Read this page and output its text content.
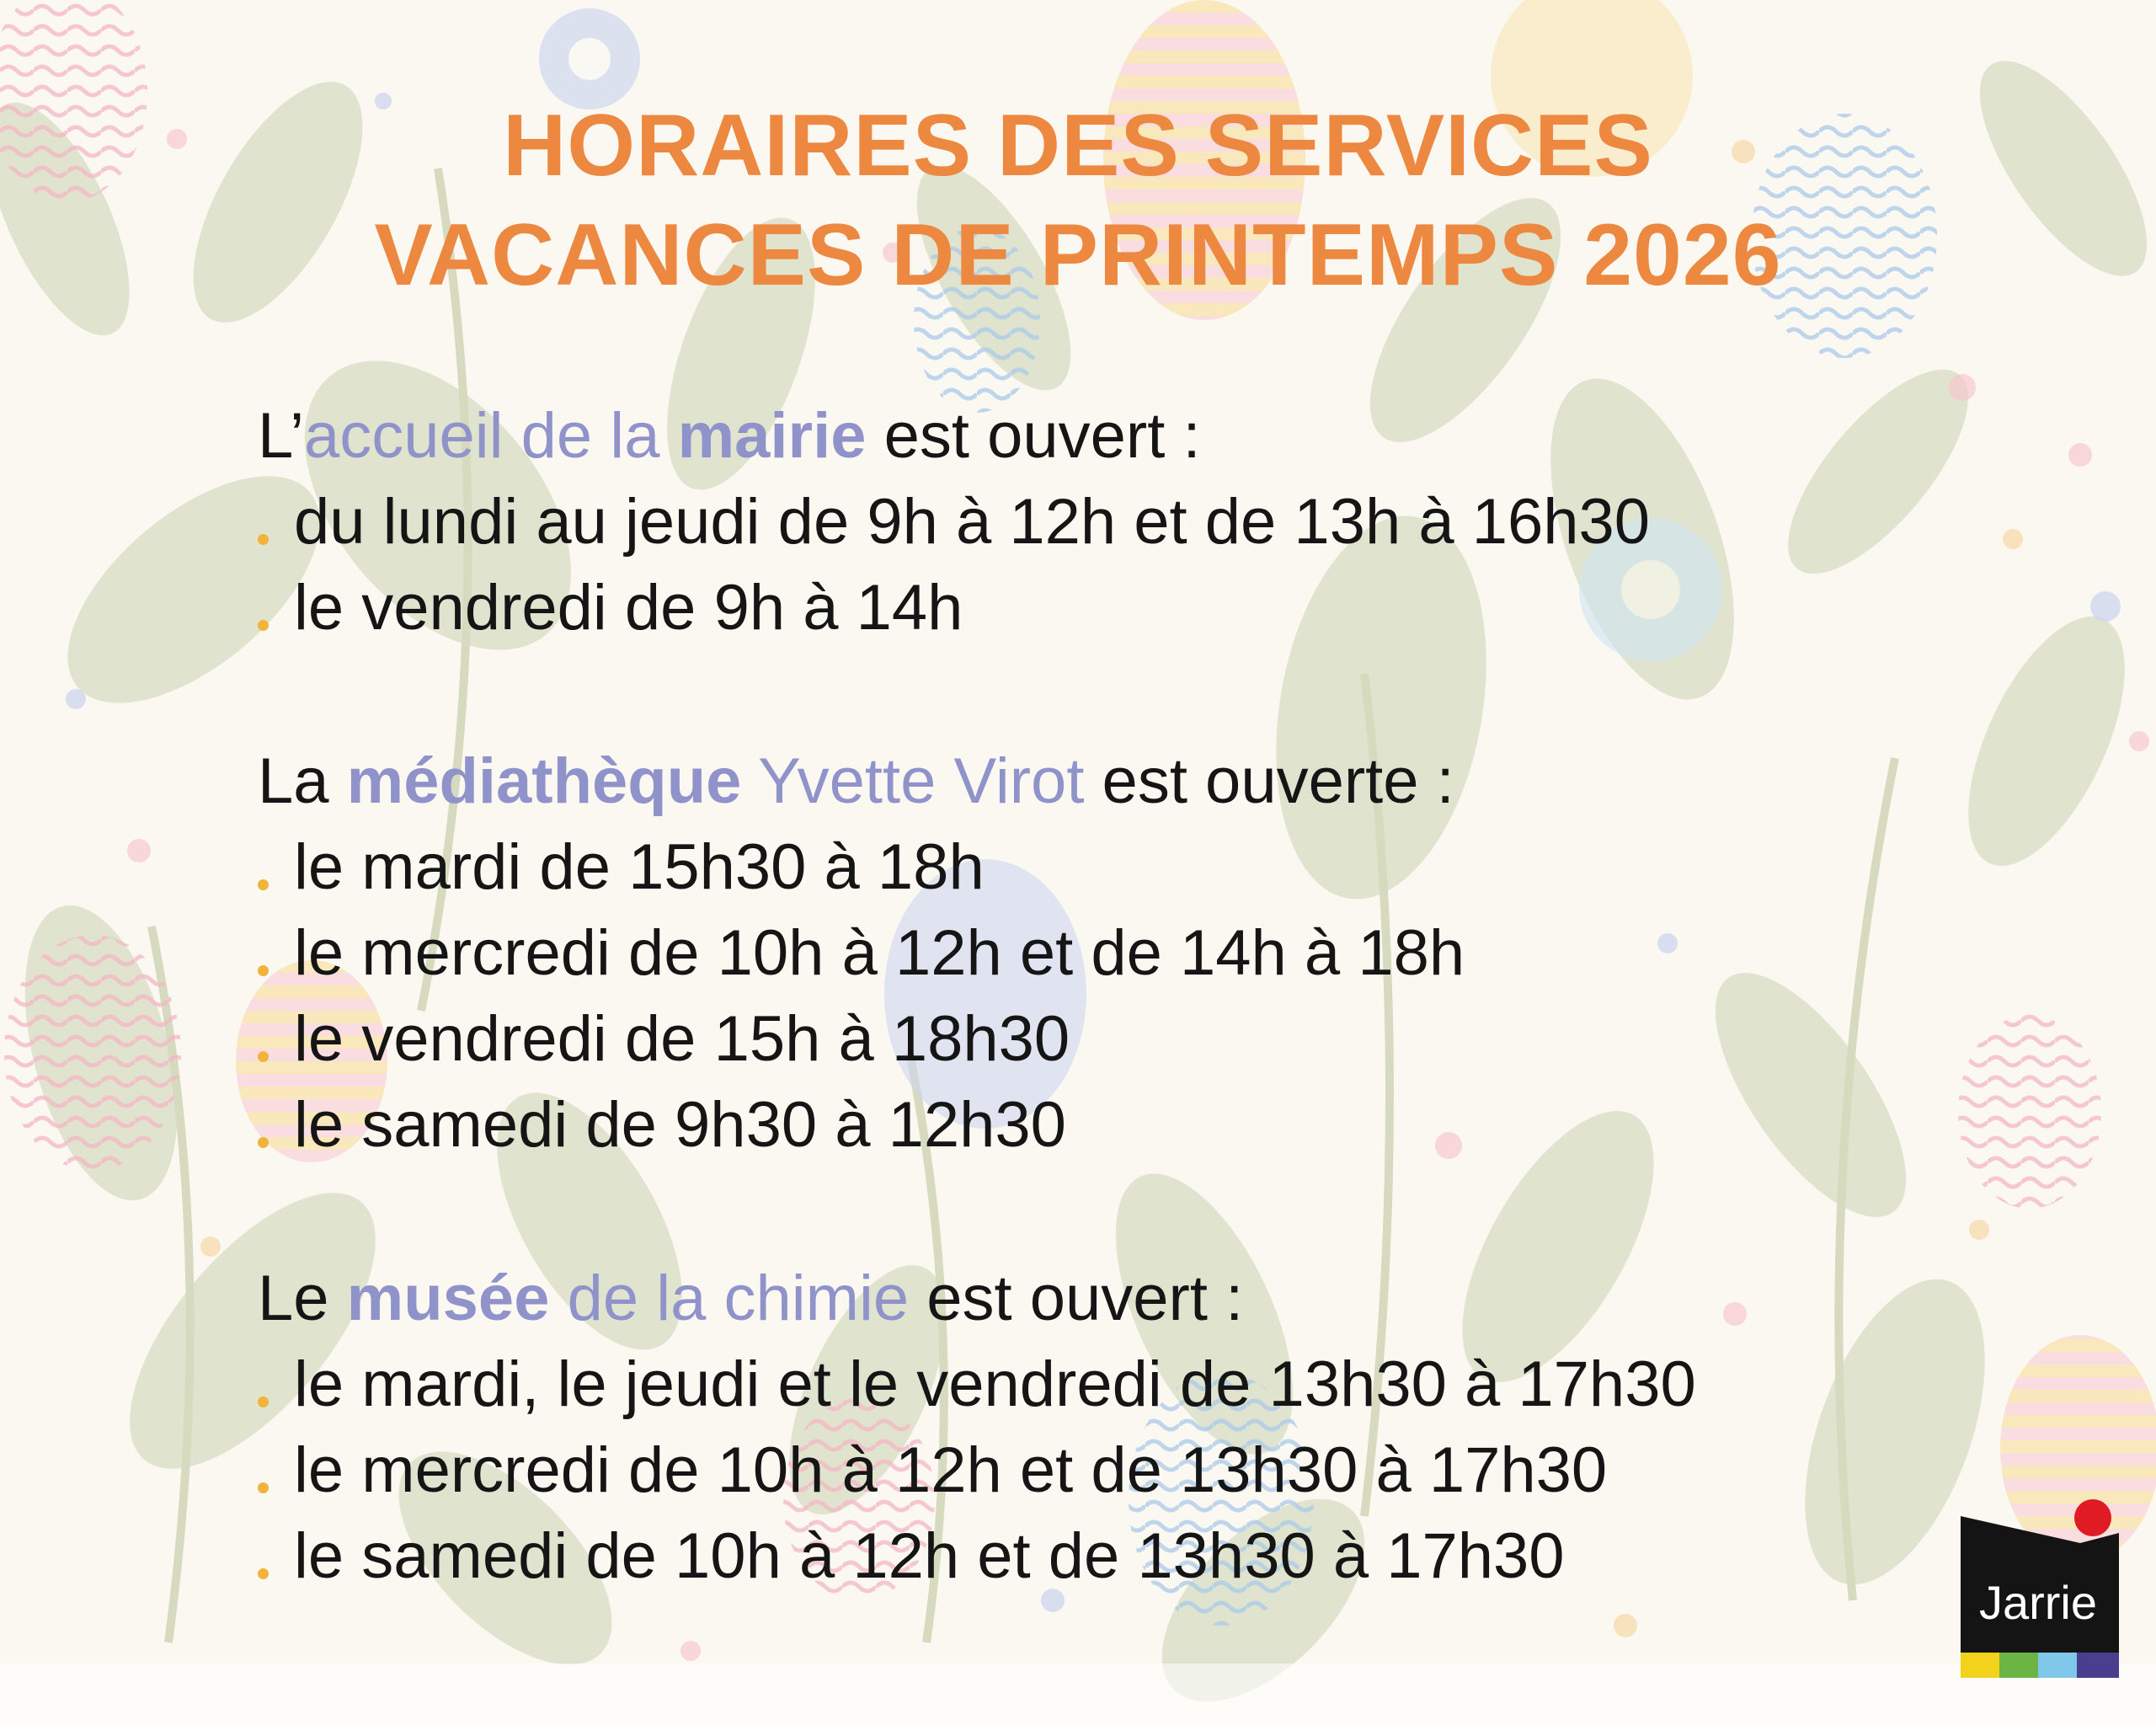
HORAIRES DES SERVICES
VACANCES DE PRINTEMPS 2026
L’accueil de la mairie est ouvert :
du lundi au jeudi de 9h à 12h et de 13h à 16h30
le vendredi de 9h à 14h
La médiathèque Yvette Virot est ouverte :
le mardi de 15h30 à 18h
le mercredi de 10h à 12h et de 14h à 18h
le vendredi de 15h à 18h30
le samedi de 9h30 à 12h30
Le musée de la chimie est ouvert :
le mardi, le jeudi et le vendredi de 13h30 à 17h30
le mercredi de 10h à 12h et de 13h30 à 17h30
le samedi de 10h à 12h et de 13h30 à 17h30
Jarrie
